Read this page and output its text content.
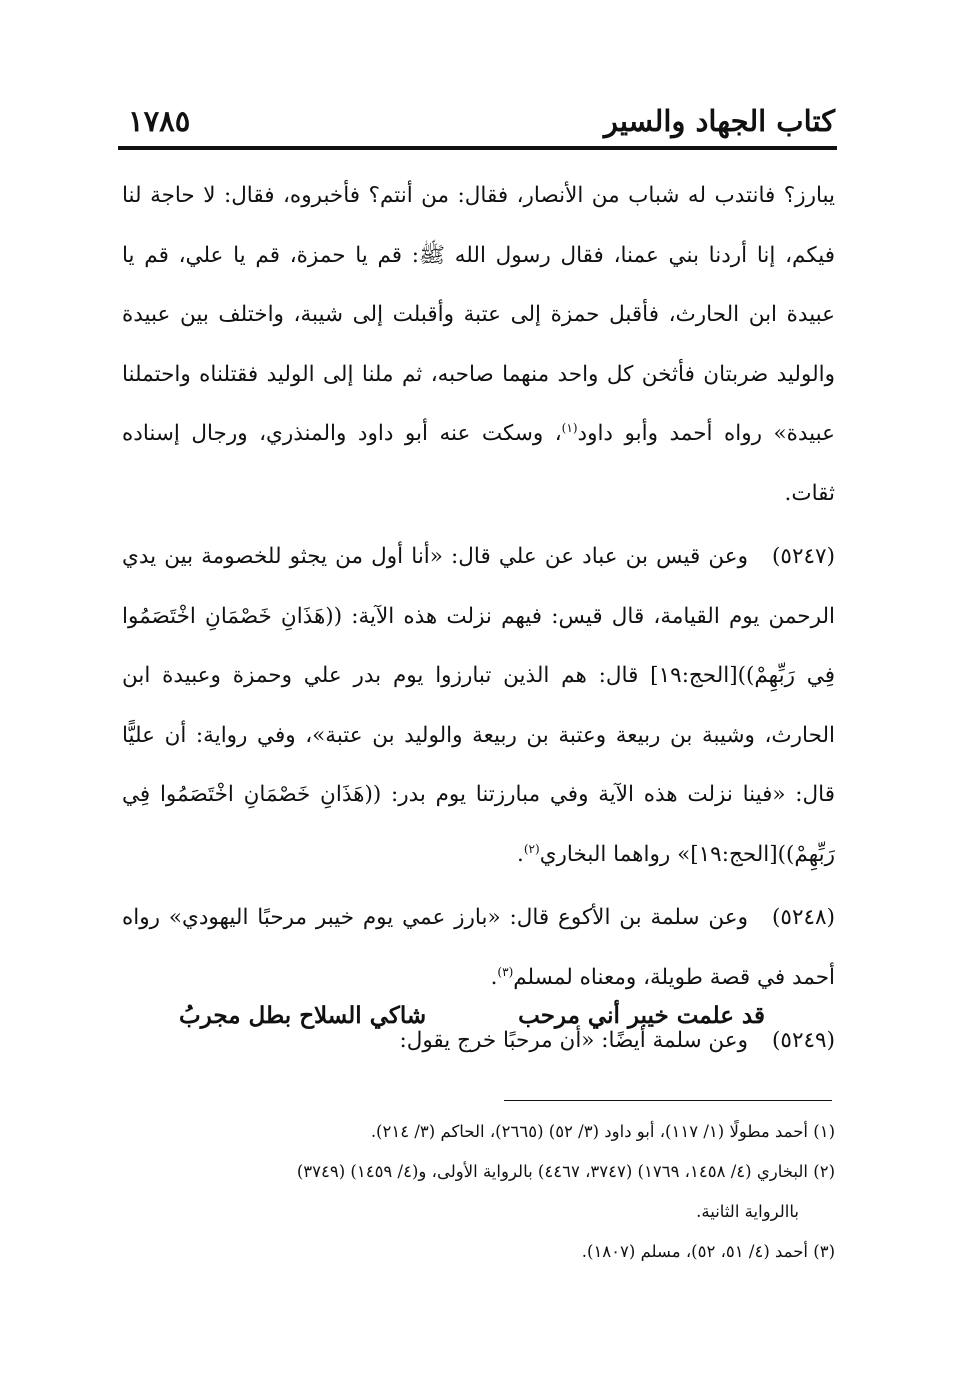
كتاب الجهاد والسير
١٧٨٥

يبارز؟ فانتدب له شباب من الأنصار، فقال: من أنتم؟ فأخبروه، فقال: لا حاجة لنا فيكم، إنا أردنا بني عمنا، فقال رسول الله ﷺ: قم يا حمزة، قم يا علي، قم يا عبيدة ابن الحارث، فأقبل حمزة إلى عتبة وأقبلت إلى شيبة، واختلف بين عبيدة والوليد ضربتان فأثخن كل واحد منهما صاحبه، ثم ملنا إلى الوليد فقتلناه واحتملنا عبيدة» رواه أحمد وأبو داود$^{(١)}$، وسكت عنه أبو داود والمنذري، ورجال إسناده ثقات.

(٥٢٤٧)وعن قيس بن عباد عن علي قال: «أنا أول من يجثو للخصومة بين يدي الرحمن يوم القيامة، قال قيس: فيهم نزلت هذه الآية: ((هَذَانِ خَصْمَانِ اخْتَصَمُوا فِي رَبِّهِمْ))[الحج:١٩] قال: هم الذين تبارزوا يوم بدر علي وحمزة وعبيدة ابن الحارث، وشيبة بن ربيعة وعتبة بن ربيعة والوليد بن عتبة»، وفي رواية: أن عليًّا قال: «فينا نزلت هذه الآية وفي مبارزتنا يوم بدر: ((هَذَانِ خَصْمَانِ اخْتَصَمُوا فِي رَبِّهِمْ))[الحج:١٩]» رواهما البخاري$^{(٢)}$.

(٥٢٤٨)وعن سلمة بن الأكوع قال: «بارز عمي يوم خيبر مرحبًا اليهودي» رواه أحمد في قصة طويلة، ومعناه لمسلم$^{(٣)}$.

(٥٢٤٩)وعن سلمة أيضًا: «أن مرحبًا خرج يقول:

قد علمت خيبر أني مرحبشاكي السلاح بطل مجربُ

(١) أحمد مطولًا (١/ ١١٧)، أبو داود (٣/ ٥٢) (٢٦٦٥)، الحاكم (٣/ ٢١٤).

(٢) البخاري (٤/ ١٤٥٨، ١٧٦٩) (٣٧٤٧، ٤٤٦٧) بالرواية الأولى، و(٤/ ١٤٥٩) (٣٧٤٩)

باالرواية الثانية.

(٣) أحمد (٤/ ٥١، ٥٢)، مسلم (١٨٠٧).
